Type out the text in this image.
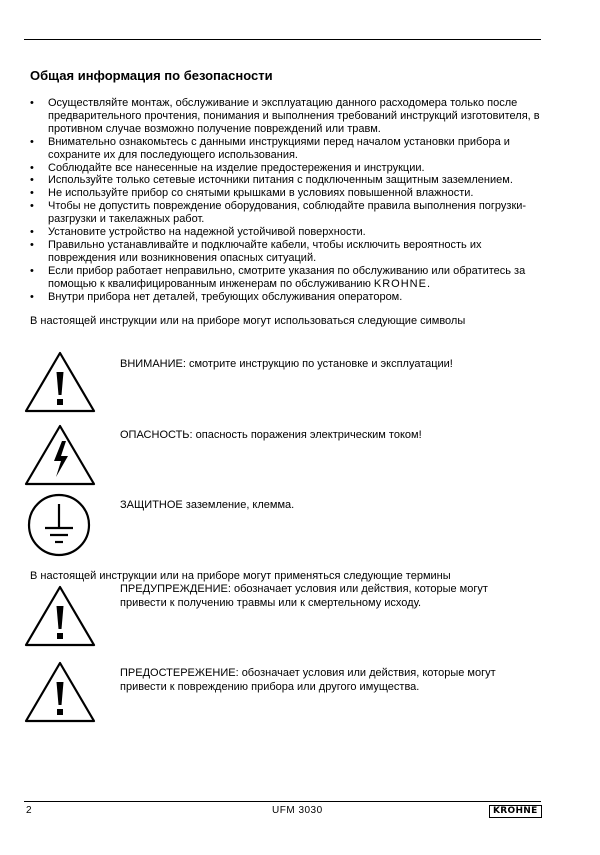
Общая информация по безопасности
• Осуществляйте монтаж, обслуживание и эксплуатацию данного расходомера только после предварительного прочтения, понимания и выполнения требований инструкций изготовителя, в противном случае возможно получение повреждений или травм.
• Внимательно ознакомьтесь с данными инструкциями перед началом установки прибора и сохраните их для последующего использования.
• Соблюдайте все нанесенные на изделие предостережения и инструкции.
• Используйте только сетевые источники питания с подключенным защитным заземлением.
• Не используйте прибор со снятыми крышками в условиях повышенной влажности.
• Чтобы не допустить повреждение оборудования, соблюдайте правила выполнения погрузки-разгрузки и такелажных работ.
• Установите устройство на надежной устойчивой поверхности.
• Правильно устанавливайте и подключайте кабели, чтобы исключить вероятность их повреждения или возникновения опасных ситуаций.
• Если прибор работает неправильно, смотрите указания по обслуживанию или обратитесь за помощью к квалифицированным инженерам по обслуживанию KROHNE.
• Внутри прибора нет деталей, требующих обслуживания оператором.

В настоящей инструкции или на приборе могут использоваться следующие символы

ВНИМАНИЕ: смотрите инструкцию по установке и эксплуатации!

ОПАСНОСТЬ: опасность поражения электрическим током!

ЗАЩИТНОЕ заземление, клемма.

В настоящей инструкции или на приборе могут применяться следующие термины

ПРЕДУПРЕЖДЕНИЕ: обозначает условия или действия, которые могут привести к получению травмы или к смертельному исходу.

ПРЕДОСТЕРЕЖЕНИЕ: обозначает условия или действия, которые могут привести к повреждению прибора или другого имущества.

2	UFM 3030	KROHNE
